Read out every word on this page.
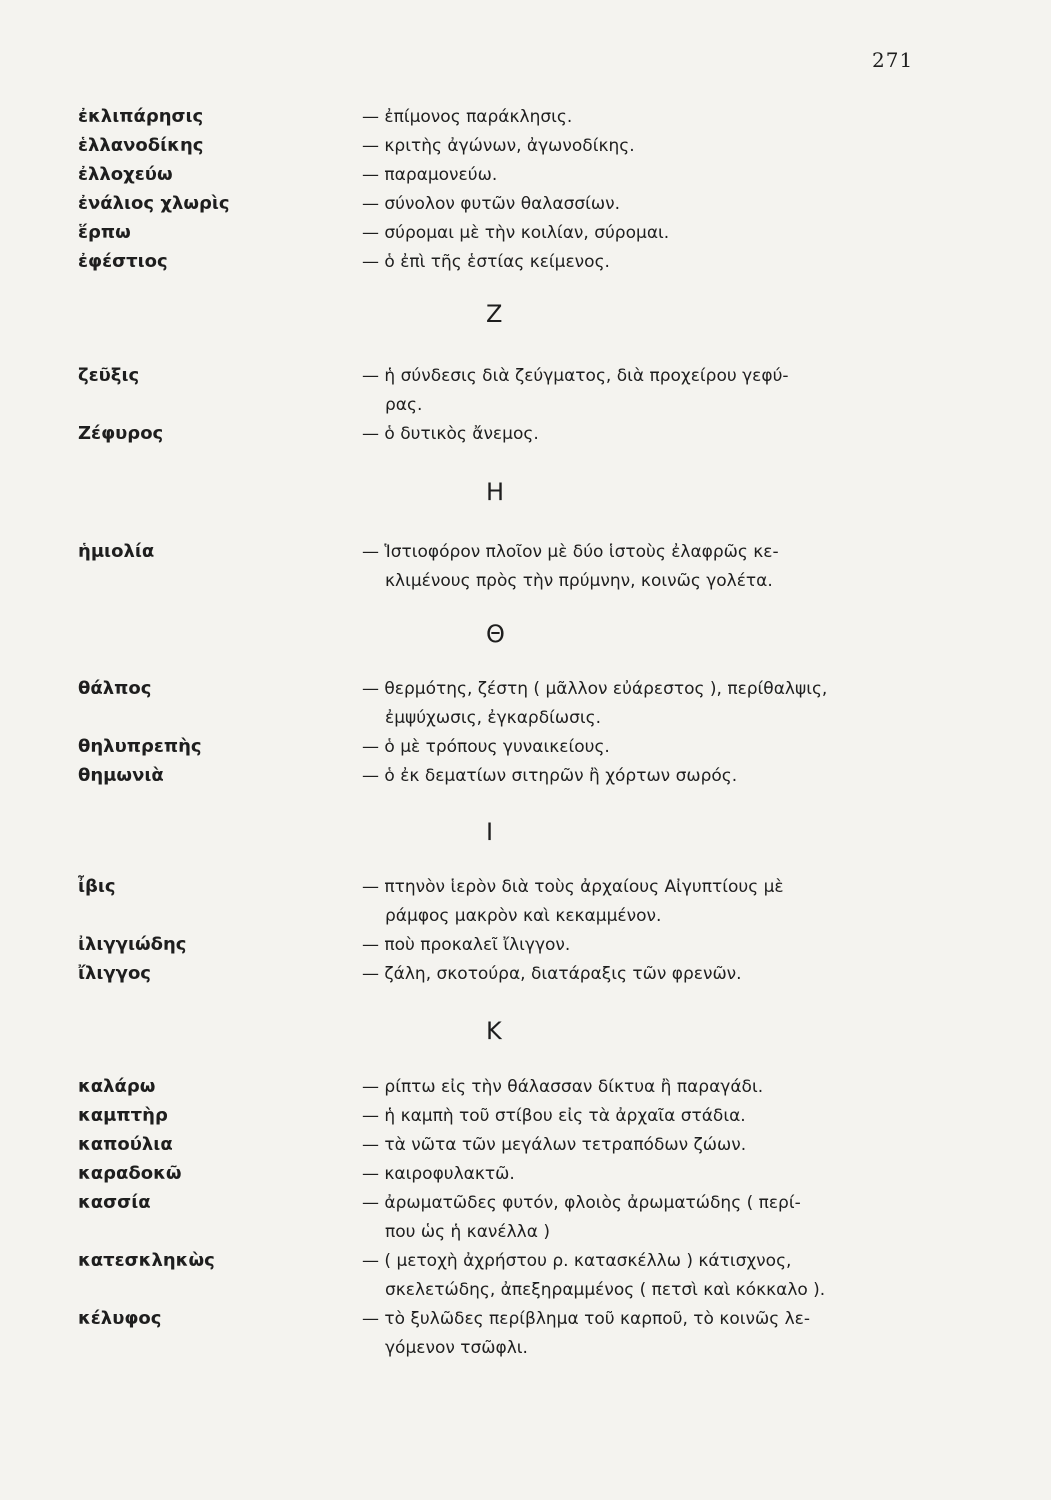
⠀
271
ἐκλιπάρησις	— ἐπίμονος παράκλησις.
ἑλλανοδίκης	— κριτὴς ἀγώνων, ἀγωνοδίκης.
ἐλλοχεύω	— παραμονεύω.
ἐνάλιος χλωρὶς	— σύνολον φυτῶν θαλασσίων.
ἕρπω	— σύρομαι μὲ τὴν κοιλίαν, σύρομαι.
ἐφέστιος	— ὁ ἐπὶ τῆς ἑστίας κείμενος.
Ζ
ζεῦξις	— ἡ σύνδεσις διὰ ζεύγματος, διὰ προχείρου γεφύ-
ρας.
Ζέφυρος	— ὁ δυτικὸς ἄνεμος.
Η
ἡμιολία	— Ἱστιοφόρον πλοῖον μὲ δύο ἱστοὺς ἐλαφρῶς κε-
κλιμένους πρὸς τὴν πρύμνην, κοινῶς γολέτα.
Θ
θάλπος	— θερμότης, ζέστη ( μᾶλλον εὐάρεστος ), περίθαλψις,
ἐμψύχωσις, ἐγκαρδίωσις.
θηλυπρεπὴς	— ὁ μὲ τρόπους γυναικείους.
θημωνιὰ	— ὁ ἐκ δεματίων σιτηρῶν ἢ χόρτων σωρός.
Ι
ἶβις	— πτηνὸν ἱερὸν διὰ τοὺς ἀρχαίους Αἰγυπτίους μὲ
ράμφος μακρὸν καὶ κεκαμμένον.
ἰλιγγιώδης	— ποὺ προκαλεῖ ἴλιγγον.
ἴλιγγος	— ζάλη, σκοτούρα, διατάραξις τῶν φρενῶν.
Κ
καλάρω	— ρίπτω εἰς τὴν θάλασσαν δίκτυα ἢ παραγάδι.
καμπτὴρ	— ἡ καμπὴ τοῦ στίβου εἰς τὰ ἀρχαῖα στάδια.
καπούλια	— τὰ νῶτα τῶν μεγάλων τετραπόδων ζώων.
καραδοκῶ	— καιροφυλακτῶ.
κασσία	— ἀρωματῶδες φυτόν, φλοιὸς ἀρωματώδης ( περί-
που ὡς ἡ κανέλλα )
κατεσκληκὼς	— ( μετοχὴ ἀχρήστου ρ. κατασκέλλω ) κάτισχνος,
σκελετώδης, ἀπεξηραμμένος ( πετσὶ καὶ κόκκαλο ).
κέλυφος	— τὸ ξυλῶδες περίβλημα τοῦ καρποῦ, τὸ κοινῶς λε-
γόμενον τσῶφλι.
